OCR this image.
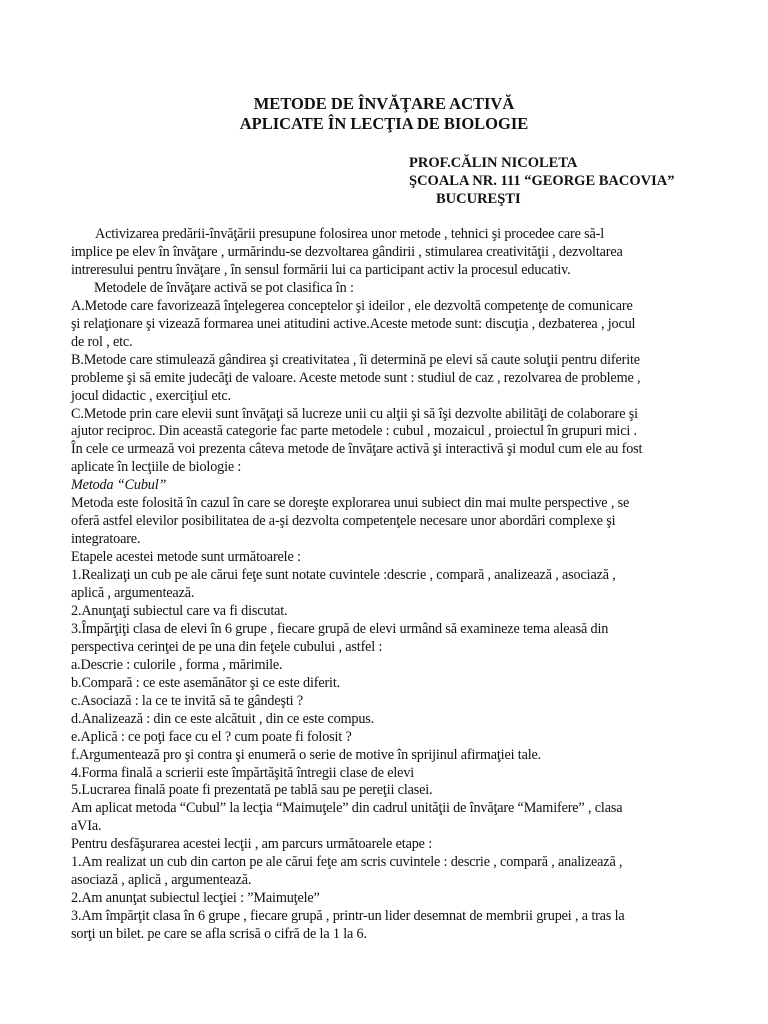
METODE DE ÎNVĂŢARE ACTIVĂ
APLICATE ÎN LECŢIA DE BIOLOGIE
PROF.CĂLIN NICOLETA
ŞCOALA NR. 111 “GEORGE BACOVIA”
BUCUREŞTI
Activizarea predării-învăţării presupune folosirea unor metode , tehnici şi procedee care să-l
implice pe elev în învăţare , urmărindu-se dezvoltarea gândirii , stimularea creativităţii , dezvoltarea
intreresului pentru învăţare , în sensul formării lui ca participant activ la procesul educativ.
Metodele de învăţare activă se pot clasifica în :
A.Metode care favorizează înţelegerea conceptelor şi ideilor , ele dezvoltă competenţe de comunicare
şi relaţionare şi vizează formarea unei atitudini active.Aceste metode sunt: discuţia , dezbaterea , jocul
de rol , etc.
B.Metode care stimulează gândirea şi creativitatea , îi determină pe elevi să caute soluţii pentru diferite
probleme şi să emite judecăţi de valoare. Aceste metode sunt : studiul de caz , rezolvarea de probleme ,
jocul didactic , exerciţiul etc.
C.Metode prin care elevii sunt învăţaţi să lucreze unii cu alţii şi să îşi dezvolte abilităţi de colaborare şi
ajutor reciproc. Din această categorie fac parte metodele : cubul , mozaicul , proiectul în grupuri mici .
În cele ce urmează voi prezenta câteva metode de învăţare activă şi interactivă şi modul cum ele au fost
aplicate în lecţiile de biologie :
Metoda “Cubul”
Metoda este folosită în cazul în care se doreşte explorarea unui subiect din mai multe perspective , se
oferă astfel elevilor posibilitatea de a-şi dezvolta competenţele necesare unor abordări complexe şi
integratoare.
Etapele acestei metode sunt următoarele :
1.Realizaţi un cub pe ale cărui feţe sunt notate cuvintele :descrie , compară , analizează , asociază ,
aplică , argumentează.
2.Anunţaţi subiectul care va fi discutat.
3.Împărţiţi clasa de elevi în 6 grupe , fiecare grupă de elevi urmând să examineze tema aleasă din
perspectiva cerinţei de pe una din feţele cubului , astfel :
a.Descrie : culorile , forma , mărimile.
b.Compară : ce este asemănător şi ce este diferit.
c.Asociază : la ce te invită să te gândeşti ?
d.Analizează : din ce este alcătuit , din ce este compus.
e.Aplică : ce poţi face cu el ? cum poate fi folosit ?
f.Argumentează pro şi contra şi enumeră o serie de motive în sprijinul afirmaţiei tale.
4.Forma finală a scrierii este împărtăşită întregii clase de elevi
5.Lucrarea finală poate fi prezentată pe tablă sau pe pereţii clasei.
Am aplicat metoda “Cubul” la lecţia “Maimuţele” din cadrul unităţii de învăţare “Mamifere” , clasa
aVIa.
Pentru desfăşurarea acestei lecţii , am parcurs următoarele etape :
1.Am realizat un cub din carton pe ale cărui feţe am scris cuvintele : descrie , compară , analizează ,
asociază , aplică , argumentează.
2.Am anunţat subiectul lecţiei : ”Maimuţele”
3.Am împărţit clasa în 6 grupe , fiecare grupă , printr-un lider desemnat de membrii grupei , a tras la
sorţi un bilet. pe care se afla scrisă o cifră de la 1 la 6.
